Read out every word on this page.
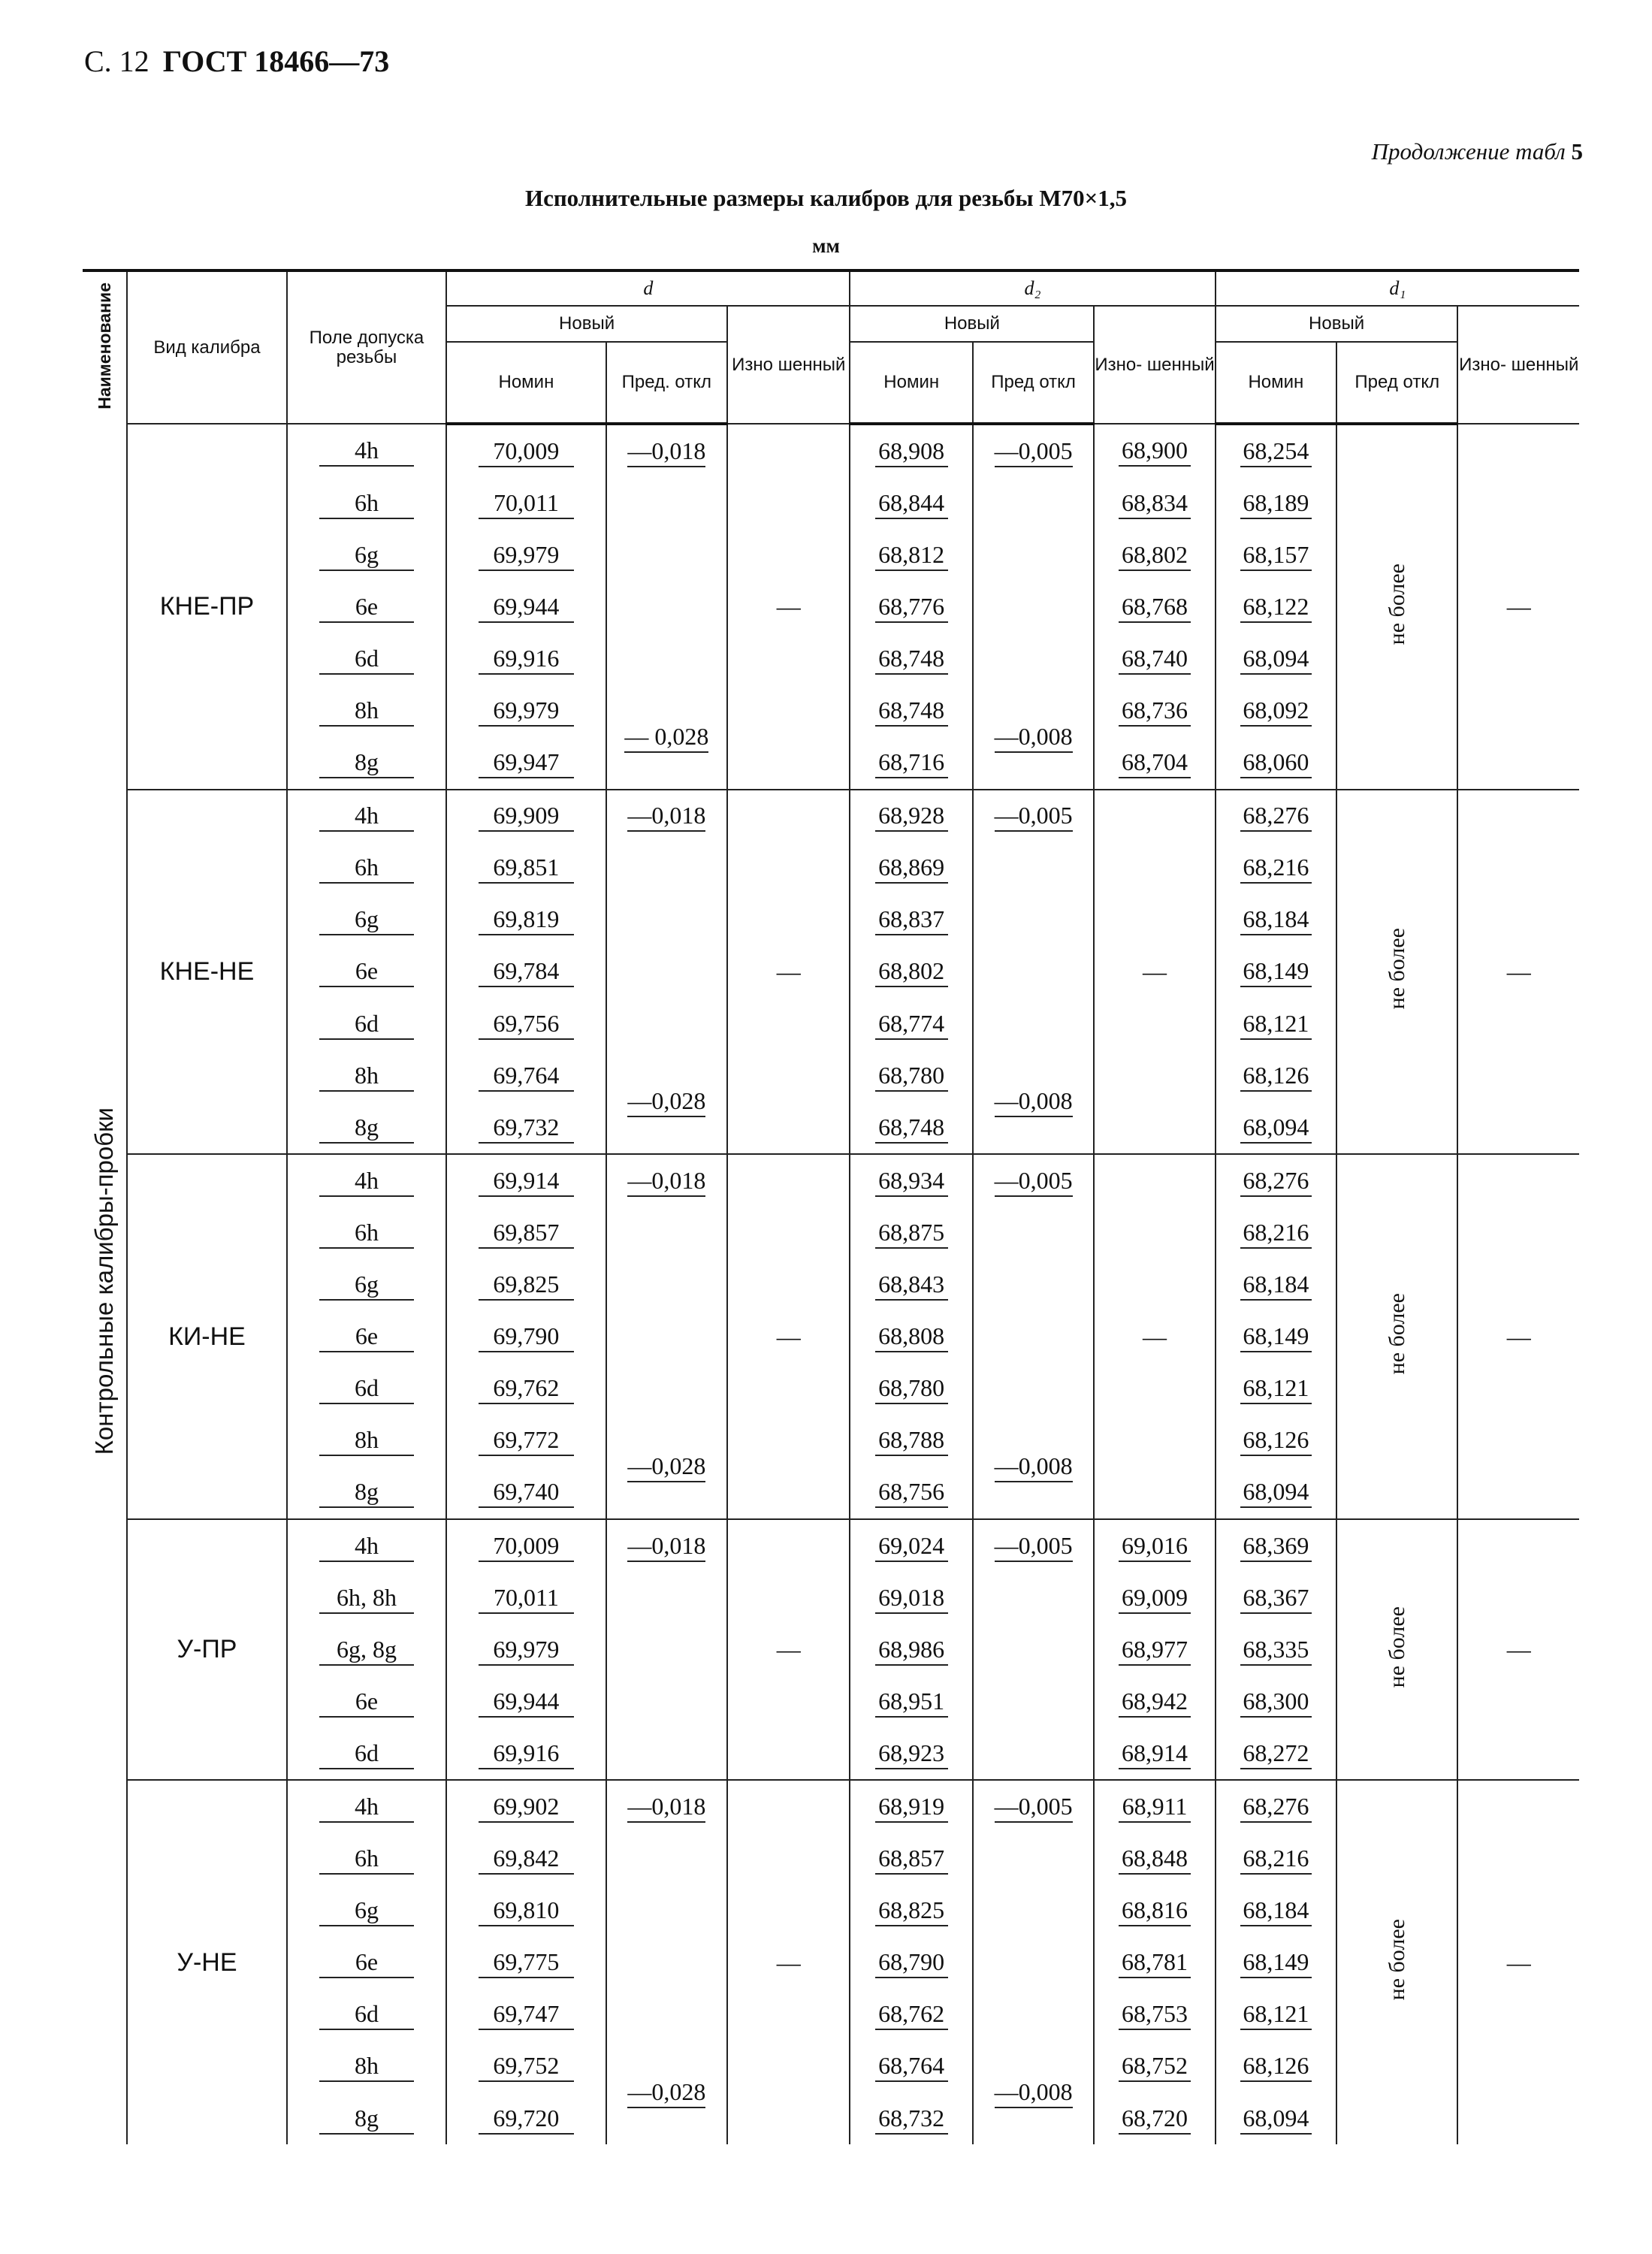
С. 12 ГОСТ 18466—73
Продолжение табл 5
Исполнительные размеры калибров для резьбы М70×1,5
мм
Наименование	Вид калибра	Поле допуска резьбы	d			d₂			d₁		
			Новый		Изно шенный	Новый		Изно- шенный	Новый		Изно- шенный
			Номин	Пред. откл		Номин	Пред откл		Номин	Пред откл	
Контрольные калибры-пробки	КНЕ-ПР	4h	70,009	—0,018	—	68,908	—0,005	68,900	68,254	не более	—
		6h	70,011			68,844		68,834	68,189		
		6g	69,979			68,812		68,802	68,157		
		6e	69,944			68,776		68,768	68,122		
		6d	69,916			68,748		68,740	68,094		
		8h	69,979	— 0,028		68,748	—0,008	68,736	68,092		
		8g	69,947			68,716		68,704	68,060		
	КНЕ-НЕ	4h	69,909	—0,018	—	68,928	—0,005	—	68,276	не более	—
		6h	69,851			68,869			68,216		
		6g	69,819			68,837			68,184		
		6e	69,784			68,802			68,149		
		6d	69,756			68,774			68,121		
		8h	69,764	—0,028		68,780	—0,008		68,126		
		8g	69,732			68,748			68,094		
	КИ-НЕ	4h	69,914	—0,018	—	68,934	—0,005	—	68,276	не более	—
		6h	69,857			68,875			68,216		
		6g	69,825			68,843			68,184		
		6e	69,790			68,808			68,149		
		6d	69,762			68,780			68,121		
		8h	69,772	—0,028		68,788	—0,008		68,126		
		8g	69,740			68,756			68,094		
	У-ПР	4h	70,009	—0,018	—	69,024	—0,005	69,016	68,369	не более	—
		6h, 8h	70,011			69,018		69,009	68,367		
		6g, 8g	69,979			68,986		68,977	68,335		
		6e	69,944			68,951		68,942	68,300		
		6d	69,916			68,923		68,914	68,272		
	У-НЕ	4h	69,902	—0,018	—	68,919	—0,005	68,911	68,276	не более	—
		6h	69,842			68,857		68,848	68,216		
		6g	69,810			68,825		68,816	68,184		
		6e	69,775			68,790		68,781	68,149		
		6d	69,747			68,762		68,753	68,121		
		8h	69,752	—0,028		68,764	—0,008	68,752	68,126		
		8g	69,720			68,732		68,720	68,094		
